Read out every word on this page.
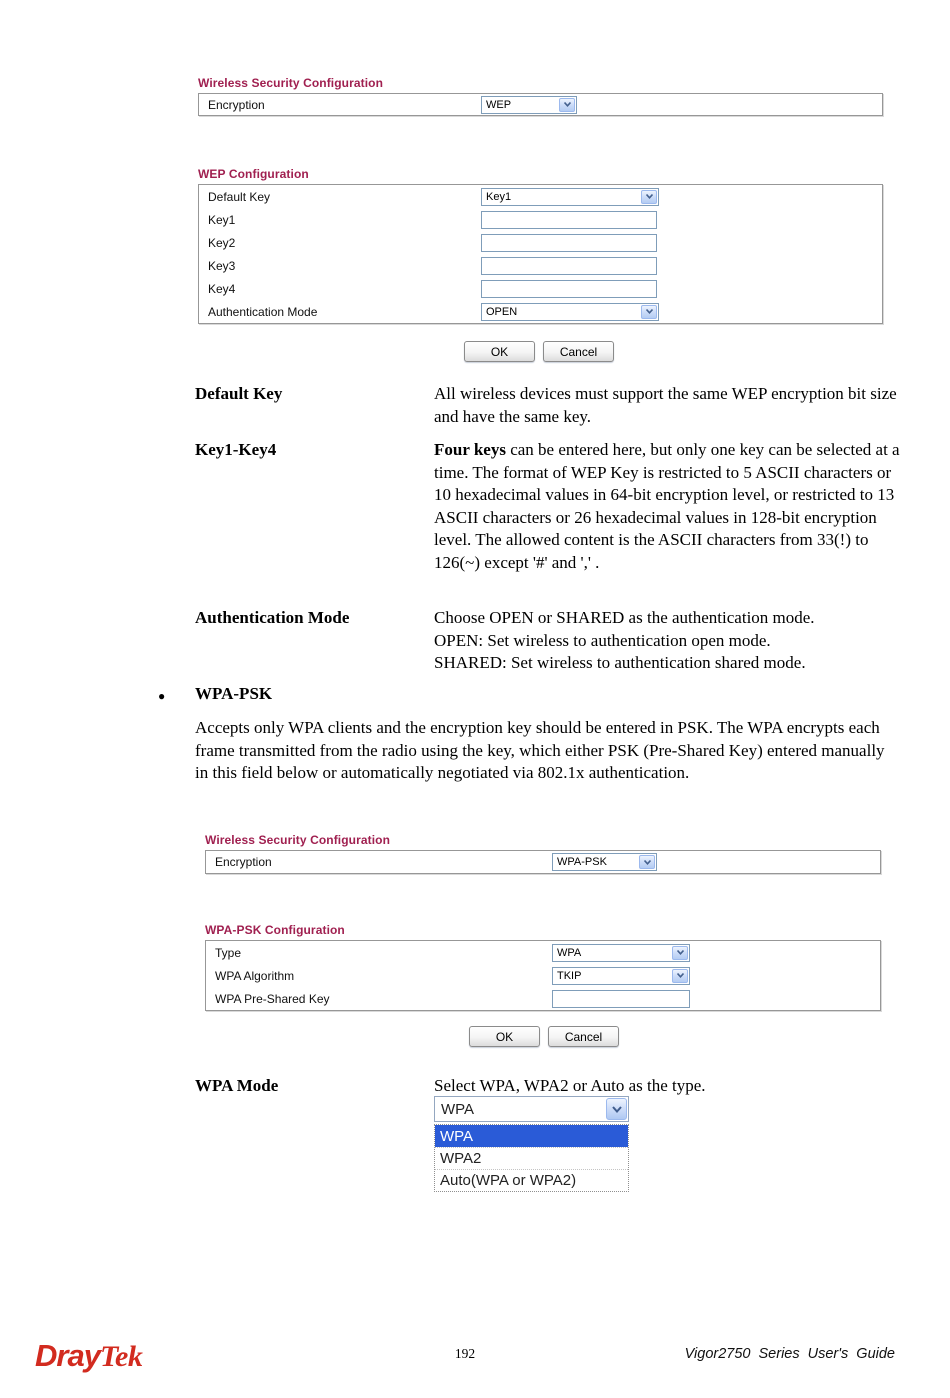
Wireless Security Configuration
Encryption	WEP
WEP Configuration
Default Key	Key1
Key1
Key2
Key3
Key4
Authentication Mode	OPEN
OK	Cancel
Default Key	All wireless devices must support the same WEP encryption bit size and have the same key.
Key1-Key4	Four keys can be entered here, but only one key can be selected at a time. The format of WEP Key is restricted to 5 ASCII characters or 10 hexadecimal values in 64-bit encryption level, or restricted to 13 ASCII characters or 26 hexadecimal values in 128-bit encryption level. The allowed content is the ASCII characters from 33(!) to 126(~) except '#' and ',' .
Authentication Mode	Choose OPEN or SHARED as the authentication mode.
OPEN: Set wireless to authentication open mode.
SHARED: Set wireless to authentication shared mode.
● WPA-PSK
Accepts only WPA clients and the encryption key should be entered in PSK. The WPA encrypts each frame transmitted from the radio using the key, which either PSK (Pre-Shared Key) entered manually in this field below or automatically negotiated via 802.1x authentication.
Wireless Security Configuration
Encryption	WPA-PSK
WPA-PSK Configuration
Type	WPA
WPA Algorithm	TKIP
WPA Pre-Shared Key
OK	Cancel
WPA Mode	Select WPA, WPA2 or Auto as the type.
WPA
WPA
WPA2
Auto(WPA or WPA2)
DrayTek	192	Vigor2750 Series User's Guide
